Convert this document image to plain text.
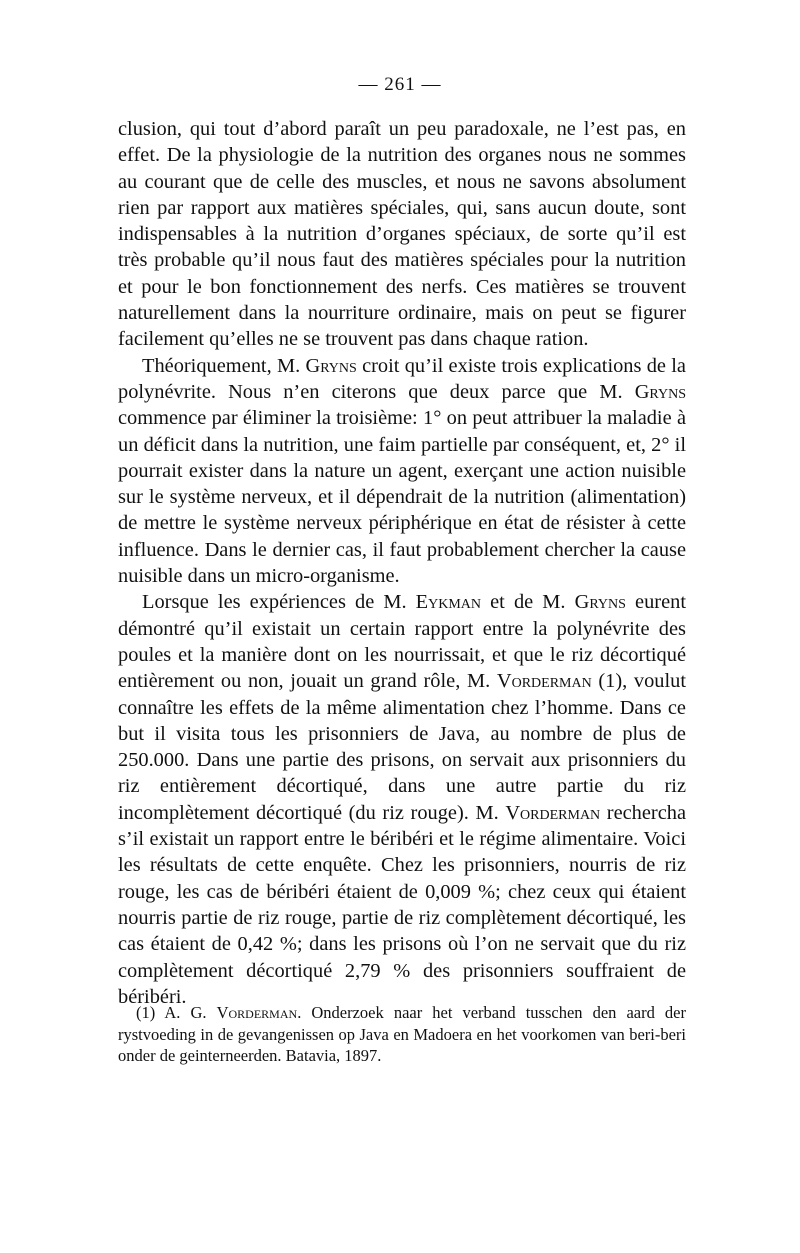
— 261 —

clusion, qui tout d’abord paraît un peu paradoxale, ne l’est pas, en effet. De la physiologie de la nutrition des organes nous ne sommes au courant que de celle des muscles, et nous ne savons absolument rien par rapport aux matières spéciales, qui, sans aucun doute, sont indispensables à la nutrition d’organes spéciaux, de sorte qu’il est très probable qu’il nous faut des matières spéciales pour la nutrition et pour le bon fonctionnement des nerfs. Ces matières se trouvent naturellement dans la nourriture ordinaire, mais on peut se figurer facilement qu’elles ne se trouvent pas dans chaque ration.

Théoriquement, M. Gryns croit qu’il existe trois explications de la polynévrite. Nous n’en citerons que deux parce que M. Gryns commence par éliminer la troisième: 1° on peut attribuer la maladie à un déficit dans la nutrition, une faim partielle par conséquent, et, 2° il pourrait exister dans la nature un agent, exerçant une action nuisible sur le système nerveux, et il dépendrait de la nutrition (alimentation) de mettre le système nerveux périphérique en état de résister à cette influence. Dans le dernier cas, il faut probablement chercher la cause nuisible dans un micro-organisme.

Lorsque les expériences de M. Eykman et de M. Gryns eurent démontré qu’il existait un certain rapport entre la polynévrite des poules et la manière dont on les nourrissait, et que le riz décortiqué entièrement ou non, jouait un grand rôle, M. Vorderman (1), voulut connaître les effets de la même alimentation chez l’homme. Dans ce but il visita tous les prisonniers de Java, au nombre de plus de 250.000. Dans une partie des prisons, on servait aux prisonniers du riz entièrement décortiqué, dans une autre partie du riz incomplètement décortiqué (du riz rouge). M. Vorderman rechercha s’il existait un rapport entre le béribéri et le régime alimentaire. Voici les résultats de cette enquête. Chez les prisonniers, nourris de riz rouge, les cas de béribéri étaient de 0,009 %; chez ceux qui étaient nourris partie de riz rouge, partie de riz complètement décortiqué, les cas étaient de 0,42 %; dans les prisons où l’on ne servait que du riz complètement décortiqué 2,79 % des prisonniers souffraient de béribéri.

(1) A. G. Vorderman. Onderzoek naar het verband tusschen den aard der rystvoeding in de gevangenissen op Java en Madoera en het voorkomen van beri-beri onder de geinterneerden. Batavia, 1897.
